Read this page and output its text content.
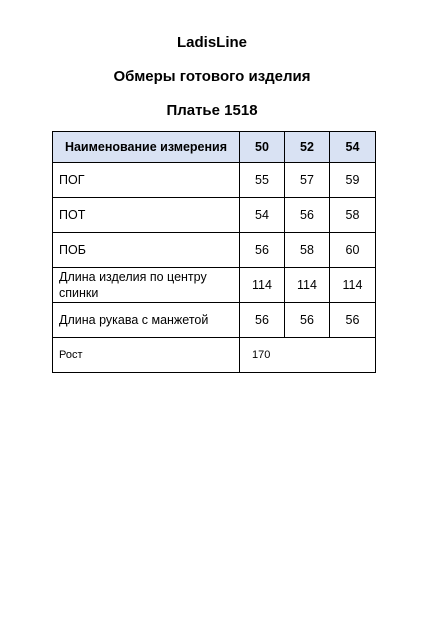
LadisLine
Обмеры готового изделия
Платье 1518
Наименование измерения	50	52	54
ПОГ	55	57	59
ПОТ	54	56	58
ПОБ	56	58	60
Длина изделия по центру спинки	114	114	114
Длина рукава с манжетой	56	56	56
Рост	170		
